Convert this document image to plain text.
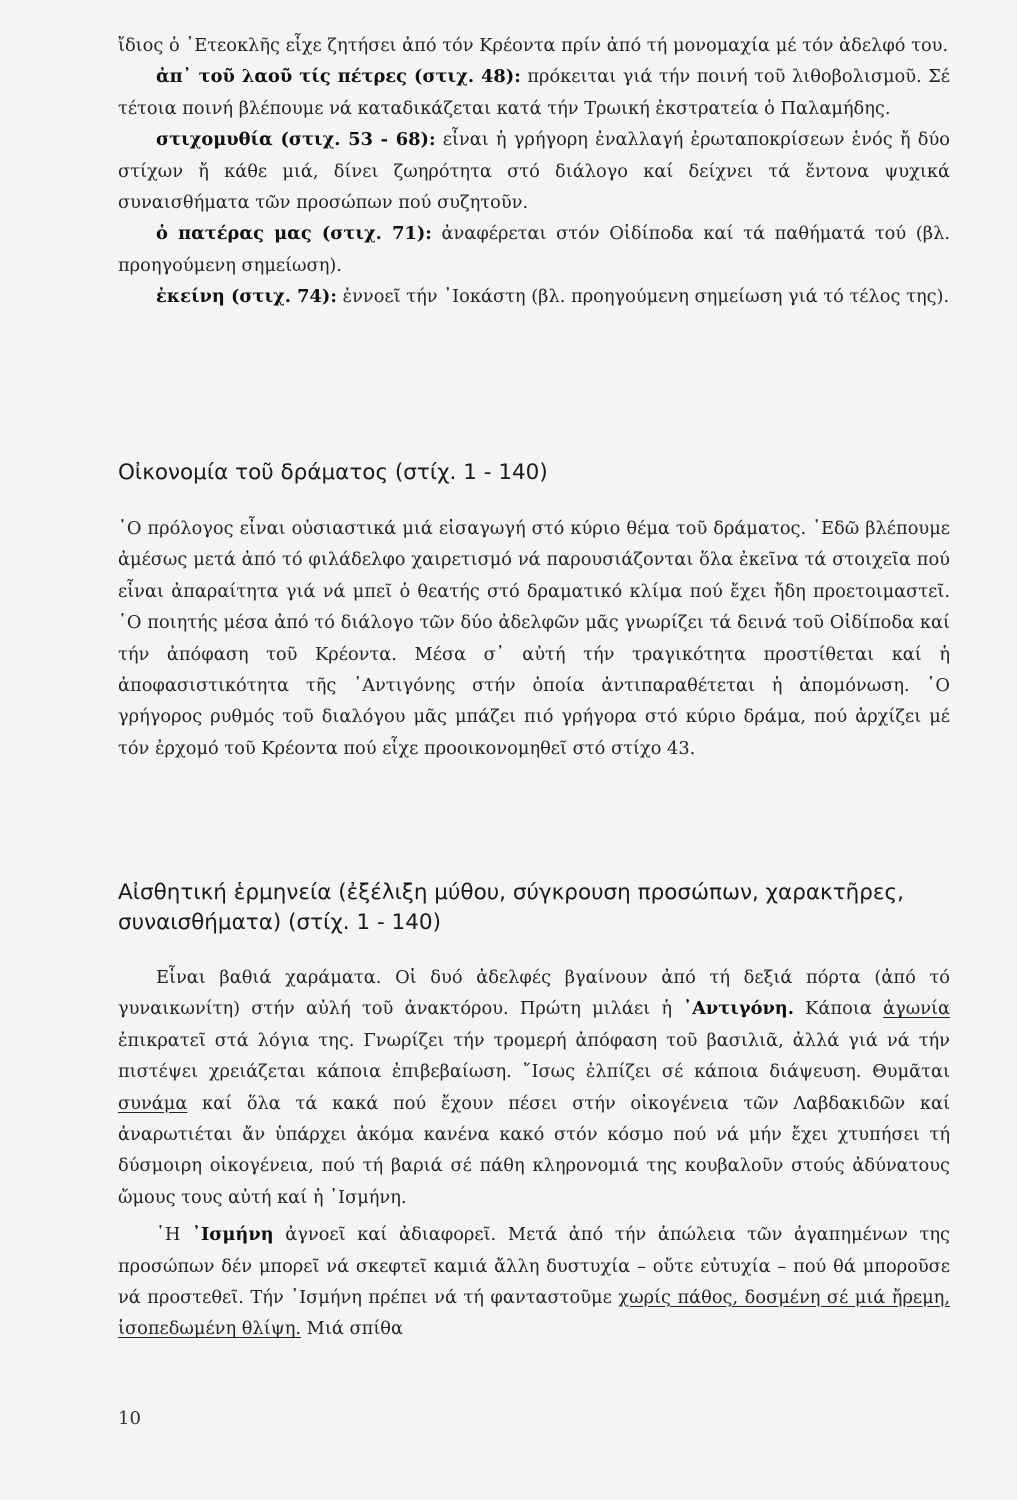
ἴδιος ὁ ᾽Ετεοκλῆς εἶχε ζητήσει ἀπό τόν Κρέοντα πρίν ἀπό τή μονομαχία μέ τόν ἀδελφό του.

ἀπ᾽ τοῦ λαοῦ τίς πέτρες (στιχ. 48): πρόκειται γιά τήν ποινή τοῦ λιθοβολισμοῦ. Σέ τέτοια ποινή βλέπουμε νά καταδικάζεται κατά τήν Τρωική ἐκστρατεία ὁ Παλαμήδης.

στιχομυθία (στιχ. 53 - 68): εἶναι ἡ γρήγορη ἐναλλαγή ἐρωταποκρίσεων ἑνός ἤ δύο στίχων ἤ κάθε μιά, δίνει ζωηρότητα στό διάλογο καί δείχνει τά ἔντονα ψυχικά συναισθήματα τῶν προσώπων πού συζητοῦν.

ὁ πατέρας μας (στιχ. 71): ἀναφέρεται στόν Οἰδίποδα καί τά παθήματά τού (βλ. προηγούμενη σημείωση).

ἐκείνη (στιχ. 74): ἐννοεῖ τήν ᾽Ιοκάστη (βλ. προηγούμενη σημείωση γιά τό τέλος της).

Οἰκονομία τοῦ δράματος (στίχ. 1 - 140)

῾Ο πρόλογος εἶναι οὐσιαστικά μιά εἰσαγωγή στό κύριο θέμα τοῦ δράματος. ᾽Εδῶ βλέπουμε ἀμέσως μετά ἀπό τό φιλάδελφο χαιρετισμό νά παρουσιάζονται ὅλα ἐκεῖνα τά στοιχεῖα πού εἶναι ἀπαραίτητα γιά νά μπεῖ ὁ θεατής στό δραματικό κλίμα πού ἔχει ἤδη προετοιμαστεῖ. ῾Ο ποιητής μέσα ἀπό τό διάλογο τῶν δύο ἀδελφῶν μᾶς γνωρίζει τά δεινά τοῦ Οἰδίποδα καί τήν ἀπόφαση τοῦ Κρέοντα. Μέσα σ᾽ αὐτή τήν τραγικότητα προστίθεται καί ἡ ἀποφασιστικότητα τῆς ᾽Αντιγόνης στήν ὁποία ἀντιπαραθέτεται ἡ ἀπομόνωση. ῾Ο γρήγορος ρυθμός τοῦ διαλόγου μᾶς μπάζει πιό γρήγορα στό κύριο δράμα, πού ἀρχίζει μέ τόν ἐρχομό τοῦ Κρέοντα πού εἶχε προοικονομηθεῖ στό στίχο 43.

Αἰσθητική ἑρμηνεία (ἐξέλιξη μύθου, σύγκρουση προσώπων, χαρακτῆρες, συναισθήματα) (στίχ. 1 - 140)

Εἶναι βαθιά χαράματα. Οἱ δυό ἀδελφές βγαίνουν ἀπό τή δεξιά πόρτα (ἀπό τό γυναικωνίτη) στήν αὐλή τοῦ ἀνακτόρου. Πρώτη μιλάει ἡ ᾽Αντιγόνη. Κάποια ἀγωνία ἐπικρατεῖ στά λόγια της. Γνωρίζει τήν τρομερή ἀπόφαση τοῦ βασιλιᾶ, ἀλλά γιά νά τήν πιστέψει χρειάζεται κάποια ἐπιβεβαίωση. ῎Ισως ἐλπίζει σέ κάποια διάψευση. Θυμᾶται συνάμα καί ὅλα τά κακά πού ἔχουν πέσει στήν οἰκογένεια τῶν Λαβδακιδῶν καί ἀναρωτιέται ἄν ὑπάρχει ἀκόμα κανένα κακό στόν κόσμο πού νά μήν ἔχει χτυπήσει τή δύσμοιρη οἰκογένεια, πού τή βαριά σέ πάθη κληρονομιά της κουβαλοῦν στούς ἀδύνατους ὤμους τους αὐτή καί ἡ ᾽Ισμήνη.

῾Η ᾽Ισμήνη ἀγνοεῖ καί ἀδιαφορεῖ. Μετά ἀπό τήν ἀπώλεια τῶν ἀγαπημένων της προσώπων δέν μπορεῖ νά σκεφτεῖ καμιά ἄλλη δυστυχία – οὔτε εὐτυχία – πού θά μποροῦσε νά προστεθεῖ. Τήν ᾽Ισμήνη πρέπει νά τή φανταστοῦμε χωρίς πάθος, δοσμένη σέ μιά ἤρεμη, ἰσοπεδωμένη θλίψη. Μιά σπίθα

10
